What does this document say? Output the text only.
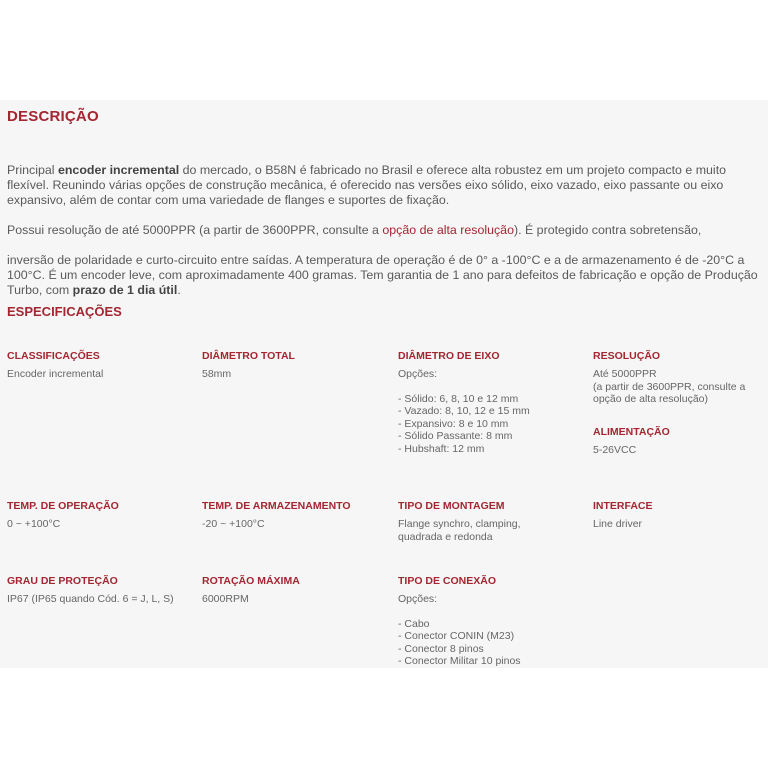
DESCRIÇÃO
Principal encoder incremental do mercado, o B58N é fabricado no Brasil e oferece alta robustez em um projeto compacto e muito flexível. Reunindo várias opções de construção mecânica, é oferecido nas versões eixo sólido, eixo vazado, eixo passante ou eixo expansivo, além de contar com uma variedade de flanges e suportes de fixação.
Possui resolução de até 5000PPR (a partir de 3600PPR, consulte a opção de alta resolução). É protegido contra sobretensão,
inversão de polaridade e curto-circuito entre saídas. A temperatura de operação é de 0° a -100°C e a de armazenamento é de -20°C a 100°C. É um encoder leve, com aproximadamente 400 gramas. Tem garantia de 1 ano para defeitos de fabricação e opção de Produção Turbo, com prazo de 1 dia útil.
ESPECIFICAÇÕES
CLASSIFICAÇÕES
Encoder incremental
DIÂMETRO TOTAL
58mm
DIÂMETRO DE EIXO
Opções:
- Sólido: 6, 8, 10 e 12 mm
- Vazado: 8, 10, 12 e 15 mm
- Expansivo: 8 e 10 mm
- Sólido Passante: 8 mm
- Hubshaft: 12 mm
RESOLUÇÃO
Até 5000PPR
(a partir de 3600PPR, consulte a opção de alta resolução)
ALIMENTAÇÃO
5-26VCC
TEMP. DE OPERAÇÃO
0 ~ +100°C
TEMP. DE ARMAZENAMENTO
-20 ~ +100°C
TIPO DE MONTAGEM
Flange synchro, clamping, quadrada e redonda
INTERFACE
Line driver
GRAU DE PROTEÇÃO
IP67 (IP65 quando Cód. 6 = J, L, S)
ROTAÇÃO MÁXIMA
6000RPM
TIPO DE CONEXÃO
Opções:
- Cabo
- Conector CONIN (M23)
- Conector 8 pinos
- Conector Militar 10 pinos
